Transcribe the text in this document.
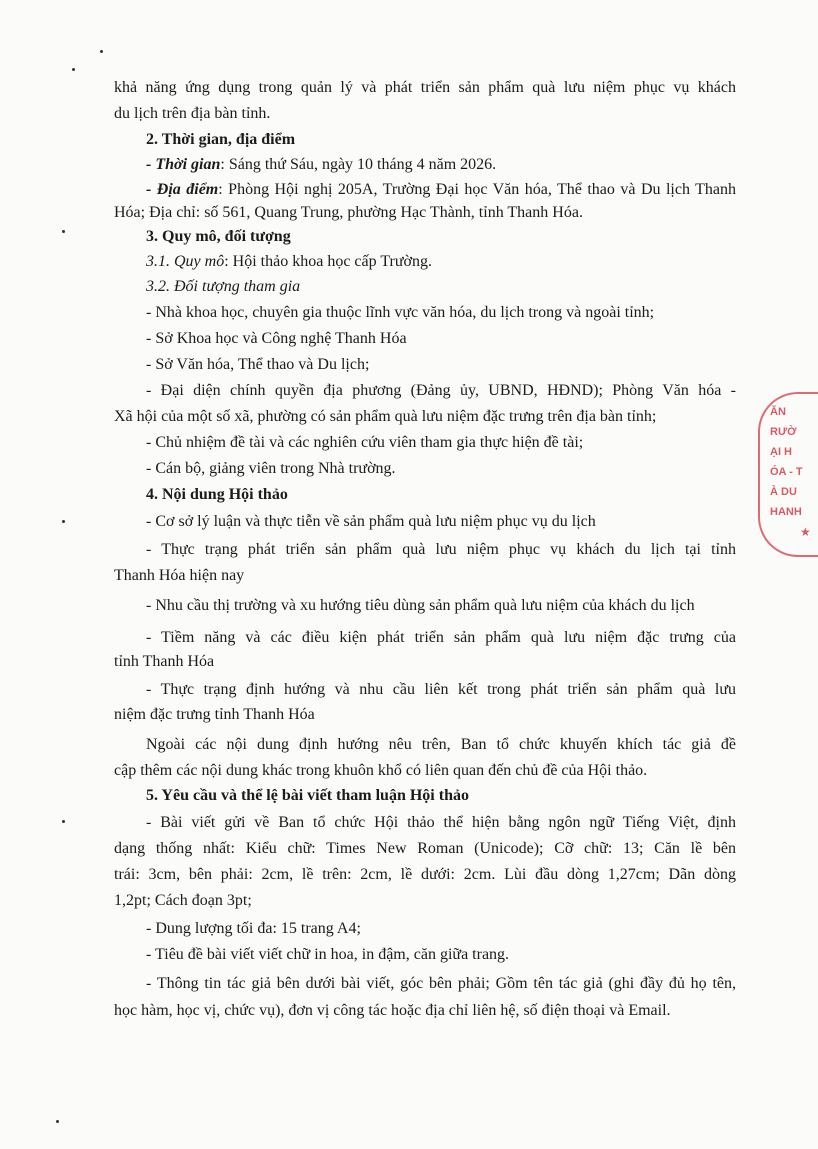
khả năng ứng dụng trong quản lý và phát triển sản phẩm quà lưu niệm phục vụ khách
du lịch trên địa bàn tỉnh.
2. Thời gian, địa điểm
- Thời gian: Sáng thứ Sáu, ngày 10 tháng 4 năm 2026.
- Địa điểm: Phòng Hội nghị 205A, Trường Đại học Văn hóa, Thể thao và Du lịch Thanh
Hóa; Địa chỉ: số 561, Quang Trung, phường Hạc Thành, tỉnh Thanh Hóa.
3. Quy mô, đối tượng
3.1. Quy mô: Hội thảo khoa học cấp Trường.
3.2. Đối tượng tham gia
- Nhà khoa học, chuyên gia thuộc lĩnh vực văn hóa, du lịch trong và ngoài tỉnh;
- Sở Khoa học và Công nghệ Thanh Hóa
- Sở Văn hóa, Thể thao và Du lịch;
- Đại diện chính quyền địa phương (Đảng ủy, UBND, HĐND); Phòng Văn hóa -
Xã hội của một số xã, phường có sản phẩm quà lưu niệm đặc trưng trên địa bàn tỉnh;
- Chủ nhiệm đề tài và các nghiên cứu viên tham gia thực hiện đề tài;
- Cán bộ, giảng viên trong Nhà trường.
4. Nội dung Hội thảo
- Cơ sở lý luận và thực tiễn về sản phẩm quà lưu niệm phục vụ du lịch
- Thực trạng phát triển sản phẩm quà lưu niệm phục vụ khách du lịch tại tỉnh
Thanh Hóa hiện nay
- Nhu cầu thị trường và xu hướng tiêu dùng sản phẩm quà lưu niệm của khách du lịch
- Tiềm năng và các điều kiện phát triển sản phẩm quà lưu niệm đặc trưng của
tỉnh Thanh Hóa
- Thực trạng định hướng và nhu cầu liên kết trong phát triển sản phẩm quà lưu
niệm đặc trưng tỉnh Thanh Hóa
Ngoài các nội dung định hướng nêu trên, Ban tổ chức khuyến khích tác giả đề
cập thêm các nội dung khác trong khuôn khổ có liên quan đến chủ đề của Hội thảo.
5. Yêu cầu và thể lệ bài viết tham luận Hội thảo
- Bài viết gửi về Ban tổ chức Hội thảo thể hiện bằng ngôn ngữ Tiếng Việt, định
dạng thống nhất: Kiểu chữ: Times New Roman (Unicode); Cỡ chữ: 13; Căn lề bên
trái: 3cm, bên phải: 2cm, lề trên: 2cm, lề dưới: 2cm. Lùi đầu dòng 1,27cm; Dãn dòng
1,2pt; Cách đoạn 3pt;
- Dung lượng tối đa: 15 trang A4;
- Tiêu đề bài viết viết chữ in hoa, in đậm, căn giữa trang.
- Thông tin tác giả bên dưới bài viết, góc bên phải; Gồm tên tác giả (ghi đầy đủ họ tên,
học hàm, học vị, chức vụ), đơn vị công tác hoặc địa chỉ liên hệ, số điện thoại và Email.
ĂN
RƯỜ
ẠI H
ÓA - T
À DU
HANH
★
